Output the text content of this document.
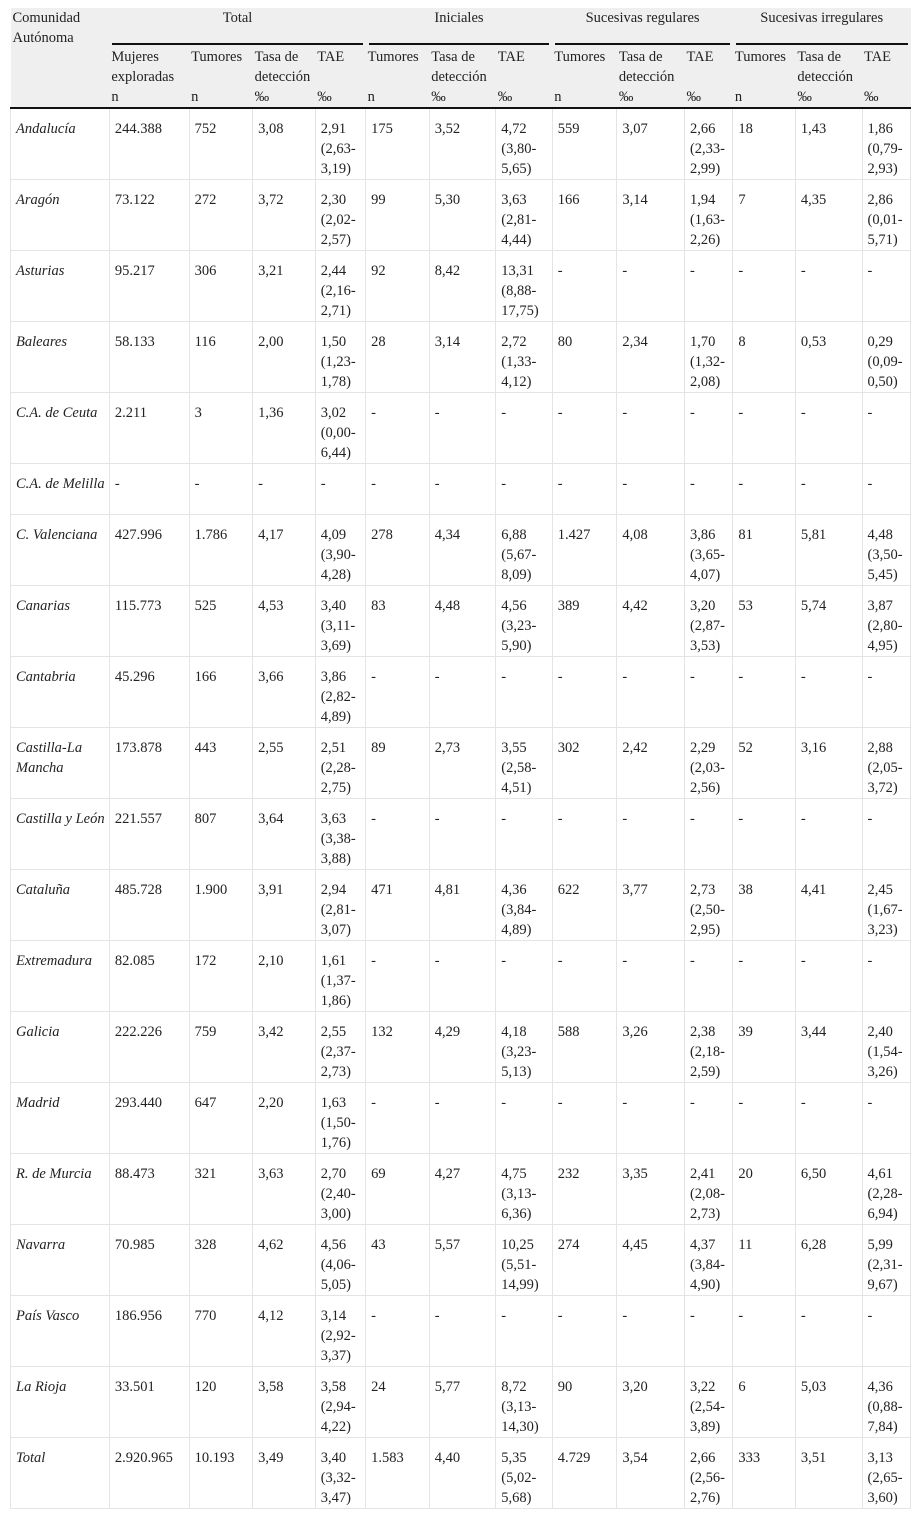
Comunidad Autónoma	Total				Iniciales			Sucesivas regulares			Sucesivas irregulares		

	Mujeres exploradas	Tumores	Tasa de detección	TAE	Tumores	Tasa de detección	TAE	Tumores	Tasa de detección	TAE	Tumores	Tasa de detección	TAE
	n	n	‰	‰	n	‰	‰	n	‰	‰	n	‰	‰
Andalucía	244.388	752	3,08	2,91 (2,63-3,19)	175	3,52	4,72 (3,80-5,65)	559	3,07	2,66 (2,33-2,99)	18	1,43	1,86 (0,79-2,93)
Aragón	73.122	272	3,72	2,30 (2,02-2,57)	99	5,30	3,63 (2,81-4,44)	166	3,14	1,94 (1,63-2,26)	7	4,35	2,86 (0,01-5,71)
Asturias	95.217	306	3,21	2,44 (2,16-2,71)	92	8,42	13,31 (8,88-17,75)	-	-	-	-	-	-
Baleares	58.133	116	2,00	1,50 (1,23-1,78)	28	3,14	2,72 (1,33-4,12)	80	2,34	1,70 (1,32-2,08)	8	0,53	0,29 (0,09-0,50)
C.A. de Ceuta	2.211	3	1,36	3,02 (0,00-6,44)	-	-	-	-	-	-	-	-	-
C.A. de Melilla	-	-	-	-	-	-	-	-	-	-	-	-	-
C. Valenciana	427.996	1.786	4,17	4,09 (3,90-4,28)	278	4,34	6,88 (5,67-8,09)	1.427	4,08	3,86 (3,65-4,07)	81	5,81	4,48 (3,50-5,45)
Canarias	115.773	525	4,53	3,40 (3,11-3,69)	83	4,48	4,56 (3,23-5,90)	389	4,42	3,20 (2,87-3,53)	53	5,74	3,87 (2,80-4,95)
Cantabria	45.296	166	3,66	3,86 (2,82-4,89)	-	-	-	-	-	-	-	-	-
Castilla-La Mancha	173.878	443	2,55	2,51 (2,28-2,75)	89	2,73	3,55 (2,58-4,51)	302	2,42	2,29 (2,03-2,56)	52	3,16	2,88 (2,05-3,72)
Castilla y León	221.557	807	3,64	3,63 (3,38-3,88)	-	-	-	-	-	-	-	-	-
Cataluña	485.728	1.900	3,91	2,94 (2,81-3,07)	471	4,81	4,36 (3,84-4,89)	622	3,77	2,73 (2,50-2,95)	38	4,41	2,45 (1,67-3,23)
Extremadura	82.085	172	2,10	1,61 (1,37-1,86)	-	-	-	-	-	-	-	-	-
Galicia	222.226	759	3,42	2,55 (2,37-2,73)	132	4,29	4,18 (3,23-5,13)	588	3,26	2,38 (2,18-2,59)	39	3,44	2,40 (1,54-3,26)
Madrid	293.440	647	2,20	1,63 (1,50-1,76)	-	-	-	-	-	-	-	-	-
R. de Murcia	88.473	321	3,63	2,70 (2,40-3,00)	69	4,27	4,75 (3,13-6,36)	232	3,35	2,41 (2,08-2,73)	20	6,50	4,61 (2,28-6,94)
Navarra	70.985	328	4,62	4,56 (4,06-5,05)	43	5,57	10,25 (5,51-14,99)	274	4,45	4,37 (3,84-4,90)	11	6,28	5,99 (2,31-9,67)
País Vasco	186.956	770	4,12	3,14 (2,92-3,37)	-	-	-	-	-	-	-	-	-
La Rioja	33.501	120	3,58	3,58 (2,94-4,22)	24	5,77	8,72 (3,13-14,30)	90	3,20	3,22 (2,54-3,89)	6	5,03	4,36 (0,88-7,84)
Total	2.920.965	10.193	3,49	3,40 (3,32-3,47)	1.583	4,40	5,35 (5,02-5,68)	4.729	3,54	2,66 (2,56-2,76)	333	3,51	3,13 (2,65-3,60)
